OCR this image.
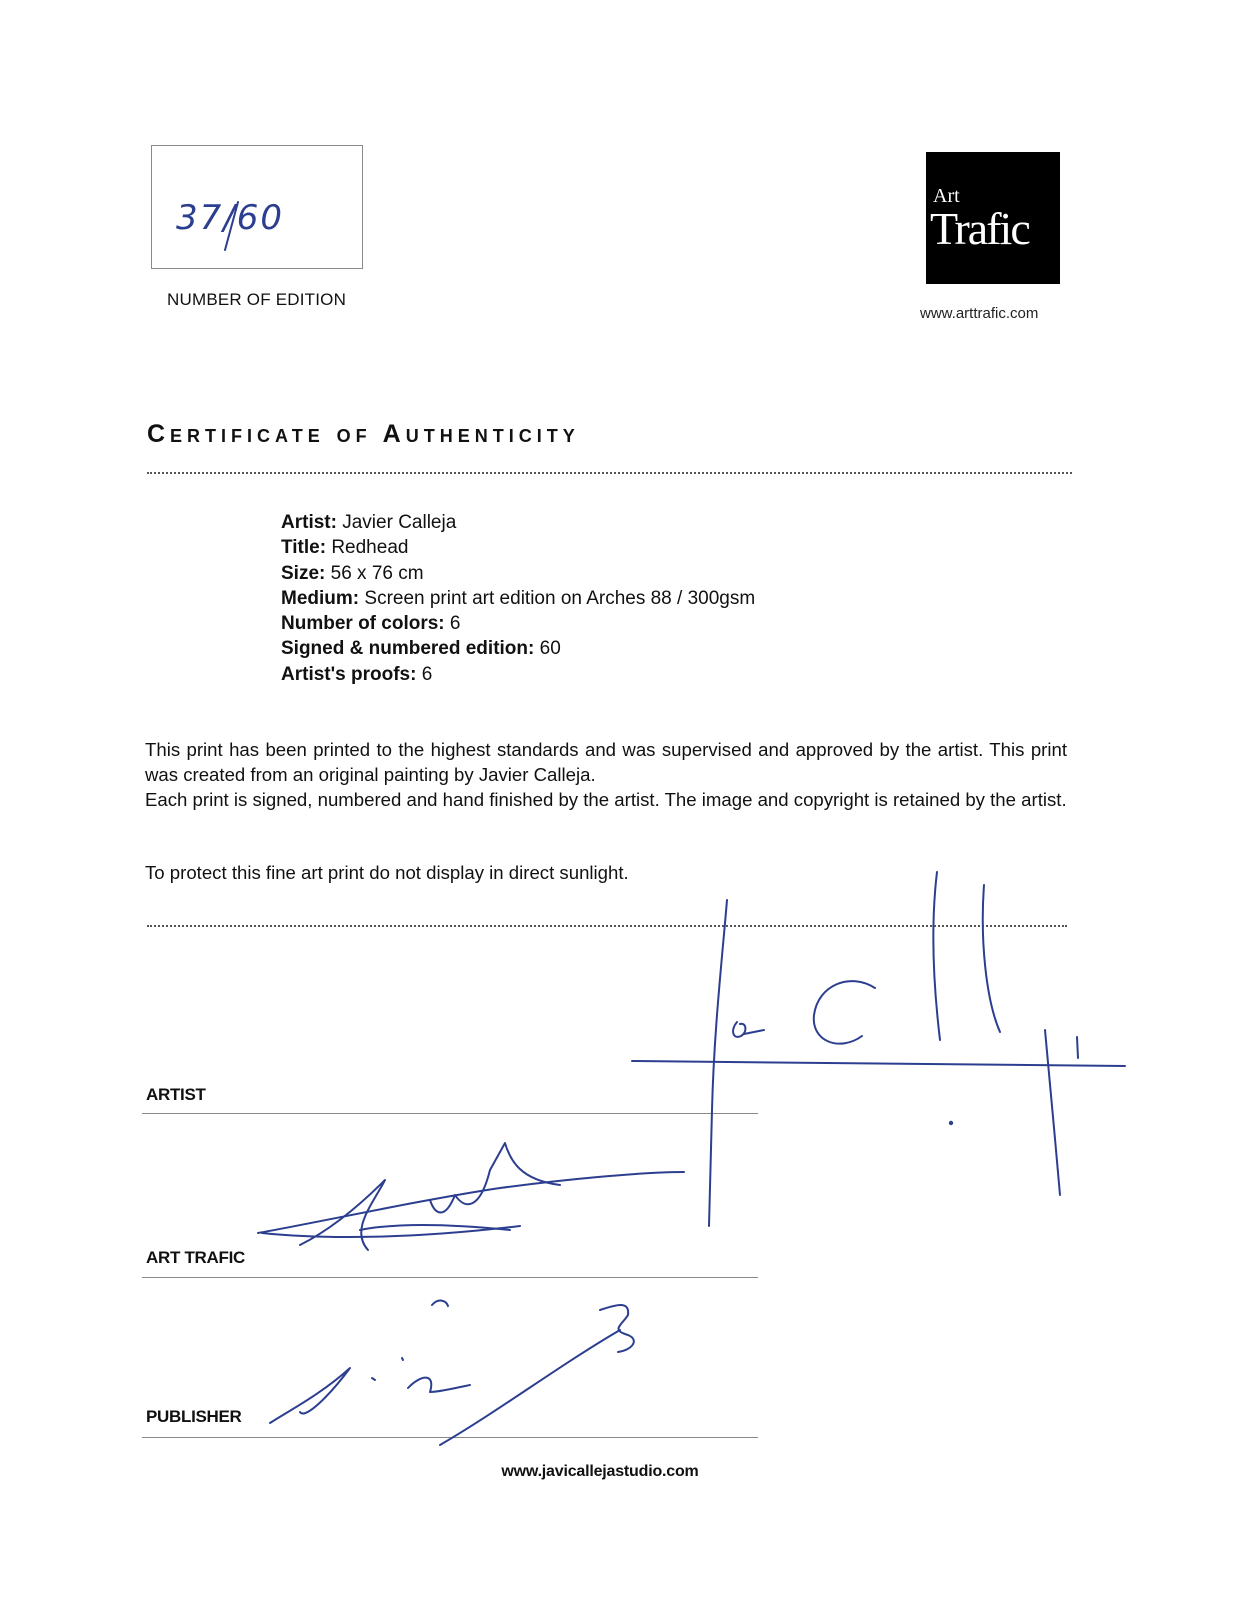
37/60
NUMBER OF EDITION
Art
Trafic
www.arttrafic.com
Certificate of Authenticity
Artist: Javier Calleja
Title: Redhead
Size: 56 x 76 cm
Medium: Screen print art edition on Arches 88 / 300gsm
Number of colors: 6
Signed & numbered edition: 60
Artist's proofs: 6

This print has been printed to the highest standards and was supervised and approved by the artist. This print was created from an original painting by Javier Calleja.

Each print is signed, numbered and hand finished by the artist. The image and copyright is retained by the artist.

To protect this fine art print do not display in direct sunlight.
ARTIST
ART TRAFIC
PUBLISHER
www.javicallejastudio.com
